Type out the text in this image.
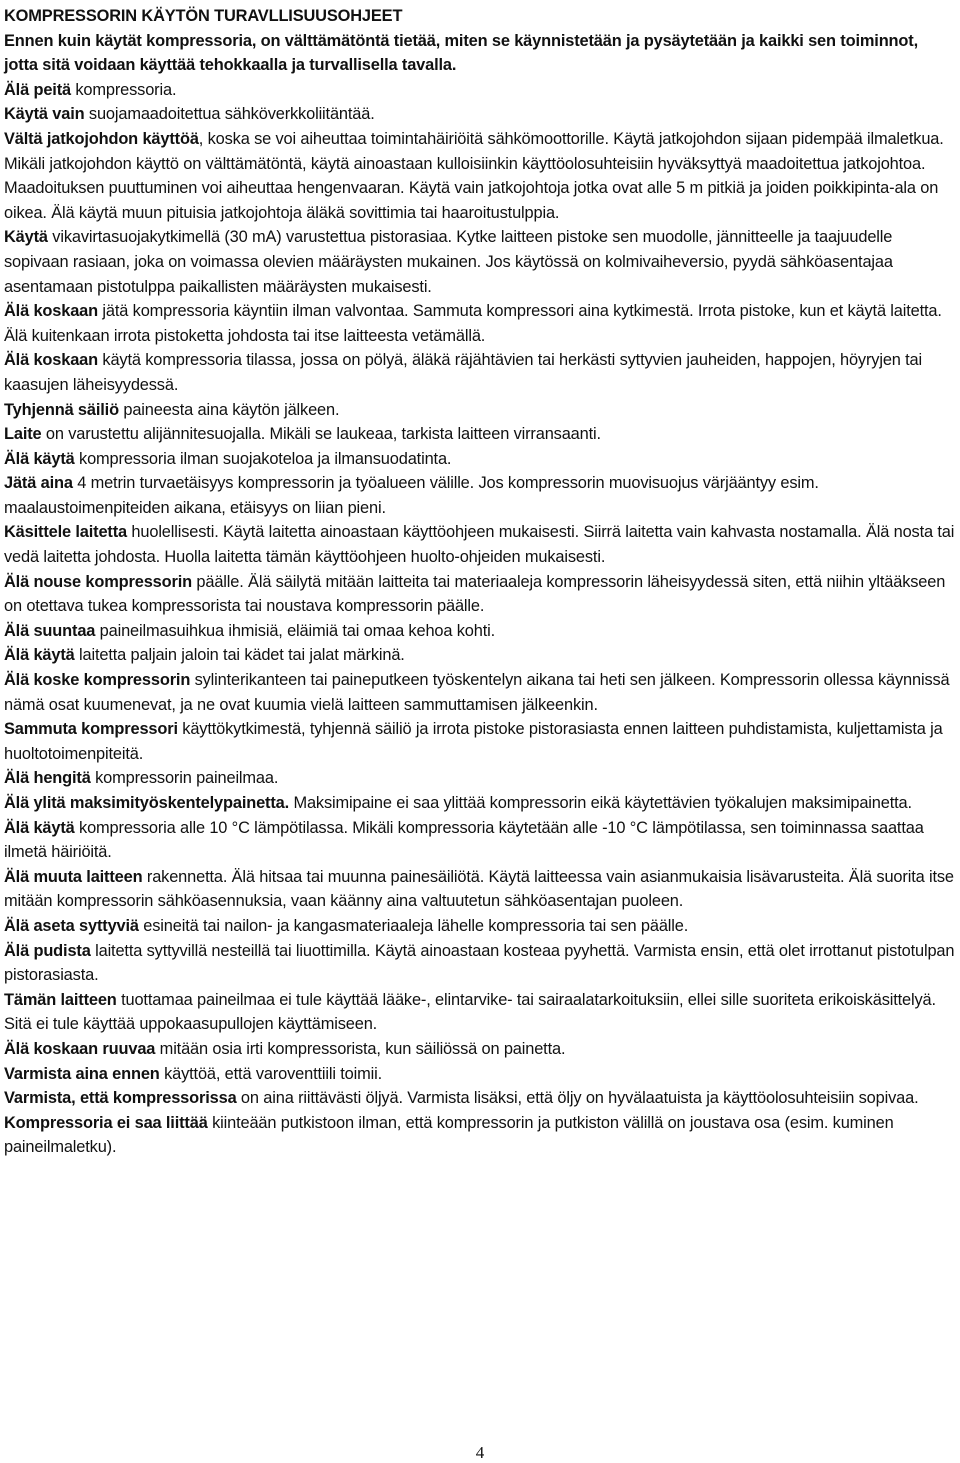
KOMPRESSORIN KÄYTÖN TURAVLLISUUSOHJEET

Ennen kuin käytät kompressoria, on välttämätöntä tietää, miten se käynnistetään ja pysäytetään ja kaikki sen toiminnot, jotta sitä voidaan käyttää tehokkaalla ja turvallisella tavalla.

Älä peitä kompressoria.

Käytä vain suojamaadoitettua sähköverkkoliitäntää.

Vältä jatkojohdon käyttöä, koska se voi aiheuttaa toimintahäiriöitä sähkömoottorille. Käytä jatkojohdon sijaan pidempää ilmaletkua. Mikäli jatkojohdon käyttö on välttämätöntä, käytä ainoastaan kulloisiinkin käyttöolosuhteisiin hyväksyttyä maadoitettua jatkojohtoa. Maadoituksen puuttuminen voi aiheuttaa hengenvaaran. Käytä vain jatkojohtoja jotka ovat alle 5 m pitkiä ja joiden poikkipinta-ala on oikea. Älä käytä muun pituisia jatkojohtoja äläkä sovittimia tai haaroitustulppia.

Käytä vikavirtasuojakytkimellä (30 mA) varustettua pistorasiaa. Kytke laitteen pistoke sen muodolle, jännitteelle ja taajuudelle sopivaan rasiaan, joka on voimassa olevien määräysten mukainen. Jos käytössä on kolmivaiheversio, pyydä sähköasentajaa asentamaan pistotulppa paikallisten määräysten mukaisesti.

Älä koskaan jätä kompressoria käyntiin ilman valvontaa. Sammuta kompressori aina kytkimestä. Irrota pistoke, kun et käytä laitetta. Älä kuitenkaan irrota pistoketta johdosta tai itse laitteesta vetämällä.

Älä koskaan käytä kompressoria tilassa, jossa on pölyä, äläkä räjähtävien tai herkästi syttyvien jauheiden, happojen, höyryjen tai kaasujen läheisyydessä.

Tyhjennä säiliö paineesta aina käytön jälkeen.

Laite on varustettu alijännitesuojalla. Mikäli se laukeaa, tarkista laitteen virransaanti.

Älä käytä kompressoria ilman suojakoteloa ja ilmansuodatinta.

Jätä aina 4 metrin turvaetäisyys kompressorin ja työalueen välille. Jos kompressorin muovisuojus värjääntyy esim. maalaustoimenpiteiden aikana, etäisyys on liian pieni.

Käsittele laitetta huolellisesti. Käytä laitetta ainoastaan käyttöohjeen mukaisesti. Siirrä laitetta vain kahvasta nostamalla. Älä nosta tai vedä laitetta johdosta. Huolla laitetta tämän käyttöohjeen huolto-ohjeiden mukaisesti.

Älä nouse kompressorin päälle. Älä säilytä mitään laitteita tai materiaaleja kompressorin läheisyydessä siten, että niihin yltääkseen on otettava tukea kompressorista tai noustava kompressorin päälle.

Älä suuntaa paineilmasuihkua ihmisiä, eläimiä tai omaa kehoa kohti.

Älä käytä laitetta paljain jaloin tai kädet tai jalat märkinä.

Älä koske kompressorin sylinterikanteen tai paineputkeen työskentelyn aikana tai heti sen jälkeen. Kompressorin ollessa käynnissä nämä osat kuumenevat, ja ne ovat kuumia vielä laitteen sammuttamisen jälkeenkin.

Sammuta kompressori käyttökytkimestä, tyhjennä säiliö ja irrota pistoke pistorasiasta ennen laitteen puhdistamista, kuljettamista ja huoltotoimenpiteitä.

Älä hengitä kompressorin paineilmaa.

Älä ylitä maksimityöskentelypainetta. Maksimipaine ei saa ylittää kompressorin eikä käytettävien työkalujen maksimipainetta.

Älä käytä kompressoria alle 10 °C lämpötilassa. Mikäli kompressoria käytetään alle -10 °C lämpötilassa, sen toiminnassa saattaa ilmetä häiriöitä.

Älä muuta laitteen rakennetta. Älä hitsaa tai muunna painesäiliötä. Käytä laitteessa vain asianmukaisia lisävarusteita. Älä suorita itse mitään kompressorin sähköasennuksia, vaan käänny aina valtuutetun sähköasentajan puoleen.

Älä aseta syttyviä esineitä tai nailon- ja kangasmateriaaleja lähelle kompressoria tai sen päälle.

Älä pudista laitetta syttyvillä nesteillä tai liuottimilla. Käytä ainoastaan kosteaa pyyhettä. Varmista ensin, että olet irrottanut pistotulpan pistorasiasta.

Tämän laitteen tuottamaa paineilmaa ei tule käyttää lääke-, elintarvike- tai sairaalatarkoituksiin, ellei sille suoriteta erikoiskäsittelyä. Sitä ei tule käyttää uppokaasupullojen käyttämiseen.

Älä koskaan ruuvaa mitään osia irti kompressorista, kun säiliössä on painetta.

Varmista aina ennen käyttöä, että varoventtiili toimii.

Varmista, että kompressorissa on aina riittävästi öljyä. Varmista lisäksi, että öljy on hyvälaatuista ja käyttöolosuhteisiin sopivaa.

Kompressoria ei saa liittää kiinteään putkistoon ilman, että kompressorin ja putkiston välillä on joustava osa (esim. kuminen paineilmaletku).

4
